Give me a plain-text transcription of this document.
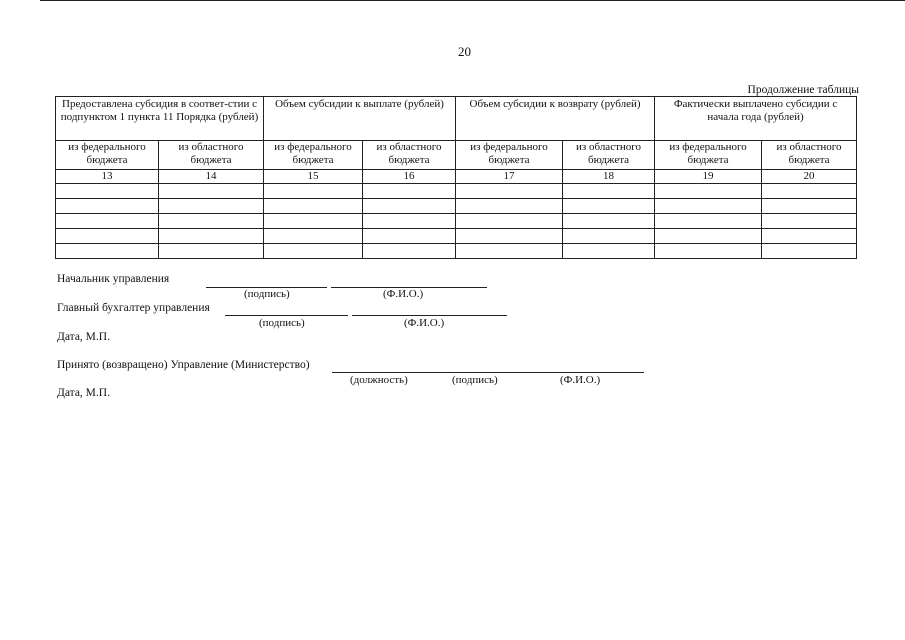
20
Продолжение таблицы
Предоставлена субсидия в соответ-стии с подпунктом 1 пункта 11 Порядка (рублей)		Объем субсидии к выплате (рублей)		Объем субсидии к возврату (рублей)		Фактически выплачено субсидии с начала года (рублей)	
из федерального бюджета	из областного бюджета	из федерального бюджета	из областного бюджета	из федерального бюджета	из областного бюджета	из федерального бюджета	из областного бюджета
13	14	15	16	17	18	19	20

Начальник управления
(подпись)	(Ф.И.О.)
Главный бухгалтер управления
(подпись)	(Ф.И.О.)
Дата, М.П.
Принято (возвращено) Управление (Министерство)
(должность)	(подпись)	(Ф.И.О.)
Дата, М.П.
